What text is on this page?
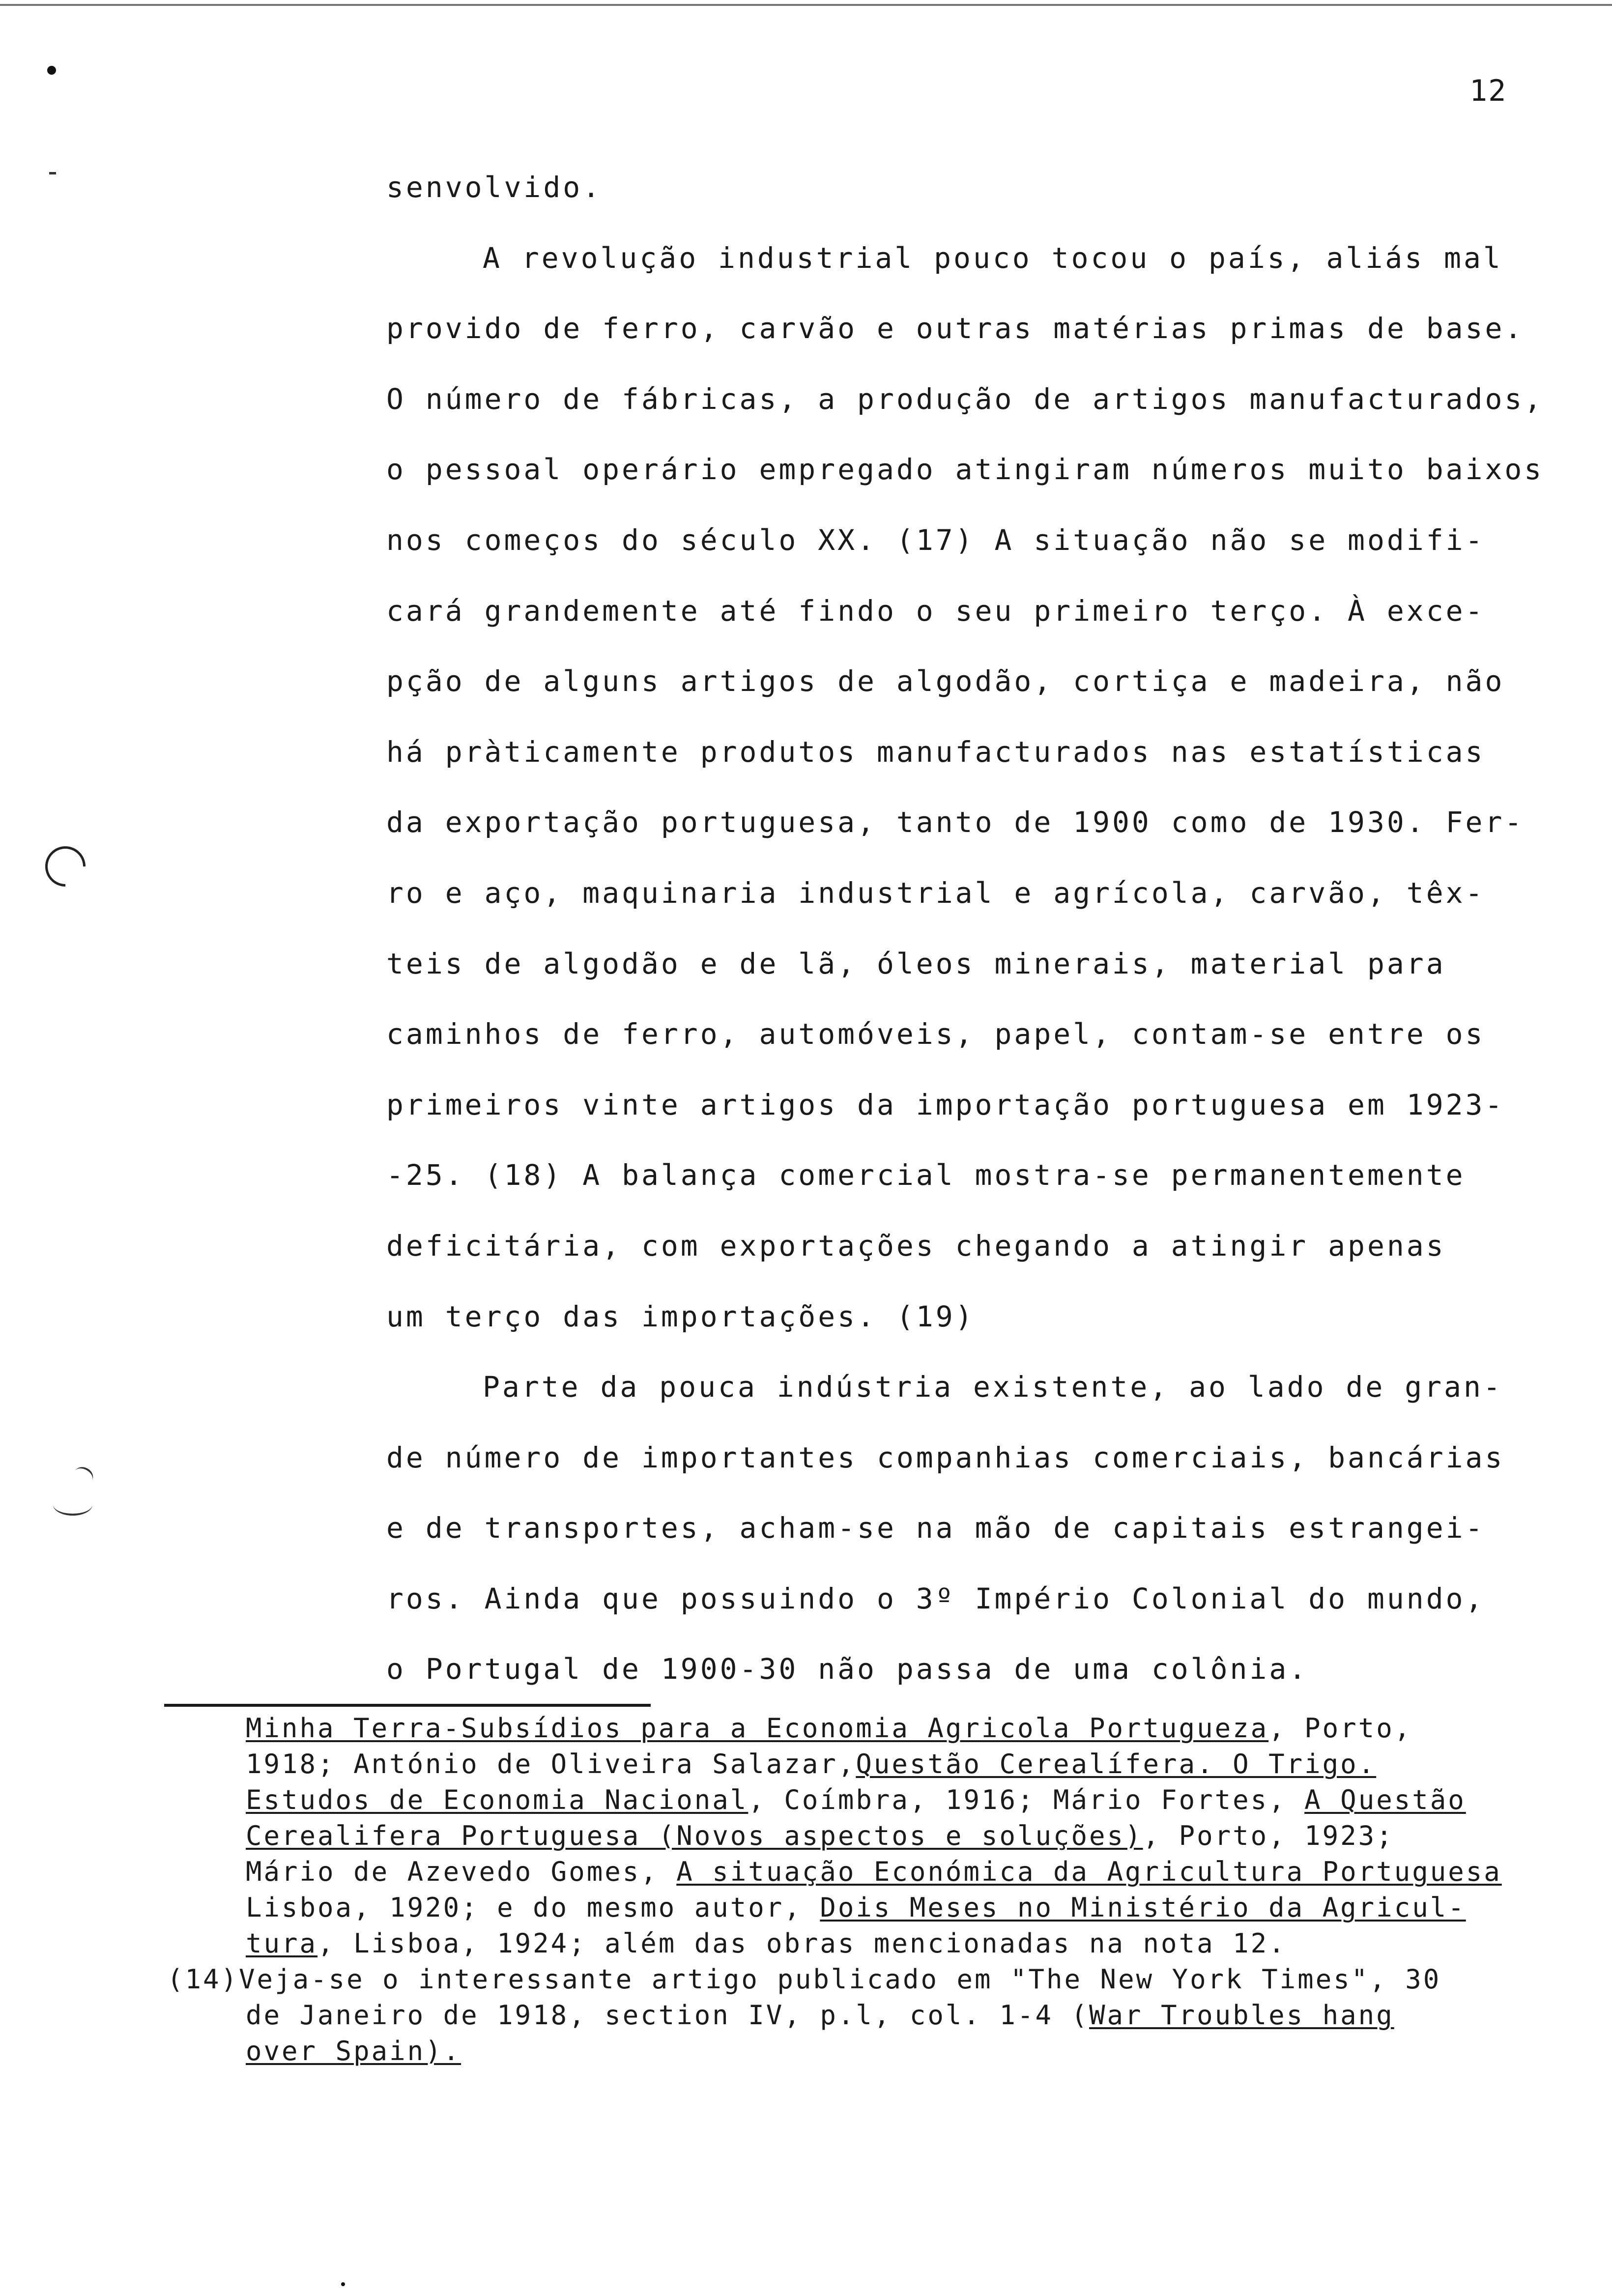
12
senvolvido.
A revolução industrial pouco tocou o país, aliás mal
provido de ferro, carvão e outras matérias primas de base.
O número de fábricas, a produção de artigos manufacturados,
o pessoal operário empregado atingiram números muito baixos
nos começos do século XX. (17) A situação não se modifi-
cará grandemente até findo o seu primeiro terço. À exce-
pção de alguns artigos de algodão, cortiça e madeira, não
há pràticamente produtos manufacturados nas estatísticas
da exportação portuguesa, tanto de 1900 como de 1930. Fer-
ro e aço, maquinaria industrial e agrícola, carvão, têx-
teis de algodão e de lã, óleos minerais, material para
caminhos de ferro, automóveis, papel, contam-se entre os
primeiros vinte artigos da importação portuguesa em 1923-
-25. (18) A balança comercial mostra-se permanentemente
deficitária, com exportações chegando a atingir apenas
um terço das importações. (19)
Parte da pouca indústria existente, ao lado de gran-
de número de importantes companhias comerciais, bancárias
e de transportes, acham-se na mão de capitais estrangei-
ros. Ainda que possuindo o 3º Império Colonial do mundo,
o Portugal de 1900-30 não passa de uma colônia.
Minha Terra-Subsídios para a Economia Agricola Portugueza, Porto,
1918; António de Oliveira Salazar,Questão Cerealífera. O Trigo.
Estudos de Economia Nacional, Coímbra, 1916; Mário Fortes, A Questão
Cerealifera Portuguesa (Novos aspectos e soluções), Porto, 1923;
Mário de Azevedo Gomes, A situação Económica da Agricultura Portuguesa
Lisboa, 1920; e do mesmo autor, Dois Meses no Ministério da Agricul-
tura, Lisboa, 1924; além das obras mencionadas na nota 12.
(14)Veja-se o interessante artigo publicado em "The New York Times", 30
de Janeiro de 1918, section IV, p.l, col. 1-4 (War Troubles hang
over Spain).
